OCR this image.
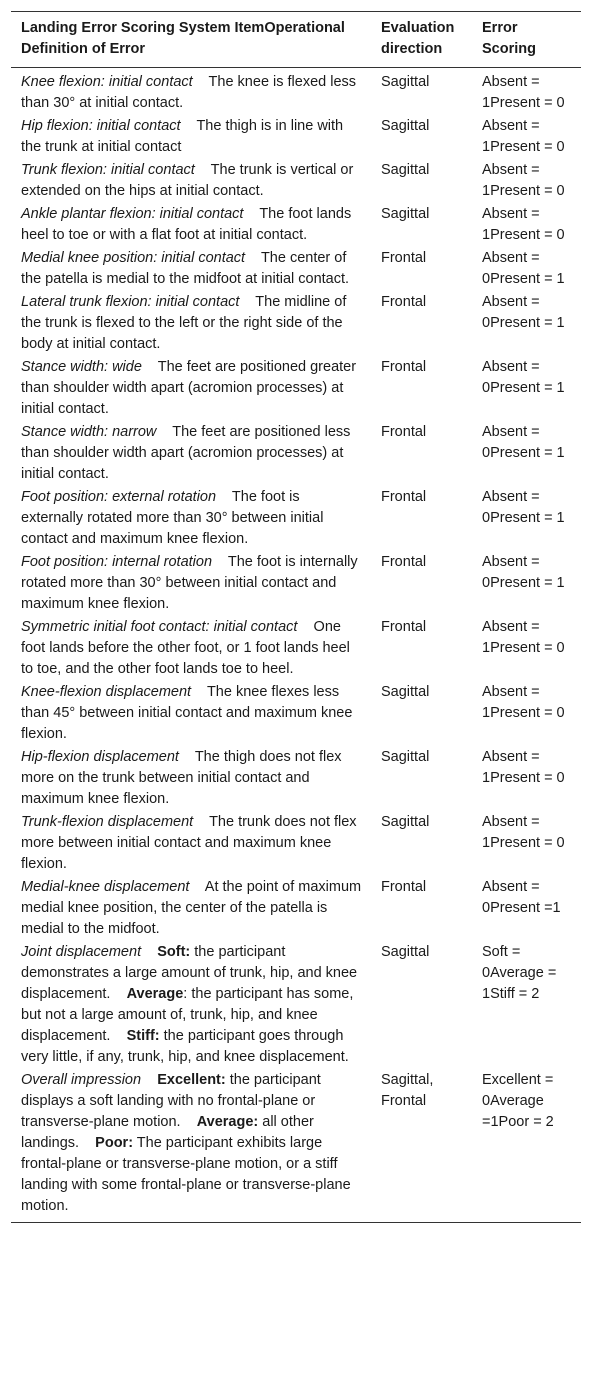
Landing Error Scoring System ItemOperational Definition of Error	Evaluation direction	Error Scoring
Knee flexion: initial contact The knee is flexed less than 30° at initial contact.	Sagittal	Absent = 1Present = 0
Hip flexion: initial contact The thigh is in line with the trunk at initial contact	Sagittal	Absent = 1Present = 0
Trunk flexion: initial contact The trunk is vertical or extended on the hips at initial contact.	Sagittal	Absent = 1Present = 0
Ankle plantar flexion: initial contact The foot lands heel to toe or with a flat foot at initial contact.	Sagittal	Absent = 1Present = 0
Medial knee position: initial contact The center of the patella is medial to the midfoot at initial contact.	Frontal	Absent = 0Present = 1
Lateral trunk flexion: initial contact The midline of the trunk is flexed to the left or the right side of the body at initial contact.	Frontal	Absent = 0Present = 1
Stance width: wide The feet are positioned greater than shoulder width apart (acromion processes) at initial contact.	Frontal	Absent = 0Present = 1
Stance width: narrow The feet are positioned less than shoulder width apart (acromion processes) at initial contact.	Frontal	Absent = 0Present = 1
Foot position: external rotation The foot is externally rotated more than 30° between initial contact and maximum knee flexion.	Frontal	Absent = 0Present = 1
Foot position: internal rotation The foot is internally rotated more than 30° between initial contact and maximum knee flexion.	Frontal	Absent = 0Present = 1
Symmetric initial foot contact: initial contact One foot lands before the other foot, or 1 foot lands heel to toe, and the other foot lands toe to heel.	Frontal	Absent = 1Present = 0
Knee-flexion displacement The knee flexes less than 45° between initial contact and maximum knee flexion.	Sagittal	Absent = 1Present = 0
Hip-flexion displacement The thigh does not flex more on the trunk between initial contact and maximum knee flexion.	Sagittal	Absent = 1Present = 0
Trunk-flexion displacement The trunk does not flex more between initial contact and maximum knee flexion.	Sagittal	Absent = 1Present = 0
Medial-knee displacement At the point of maximum medial knee position, the center of the patella is medial to the midfoot.	Frontal	Absent = 0Present =1
Joint displacement Soft: the participant demonstrates a large amount of trunk, hip, and knee displacement. Average: the participant has some, but not a large amount of, trunk, hip, and knee displacement. Stiff: the participant goes through very little, if any, trunk, hip, and knee displacement.	Sagittal	Soft = 0Average = 1Stiff = 2
Overall impression Excellent: the participant displays a soft landing with no frontal-plane or transverse-plane motion. Average: all other landings. Poor: The participant exhibits large frontal-plane or transverse-plane motion, or a stiff landing with some frontal-plane or transverse-plane motion.	Sagittal, Frontal	Excellent = 0Average =1Poor = 2
